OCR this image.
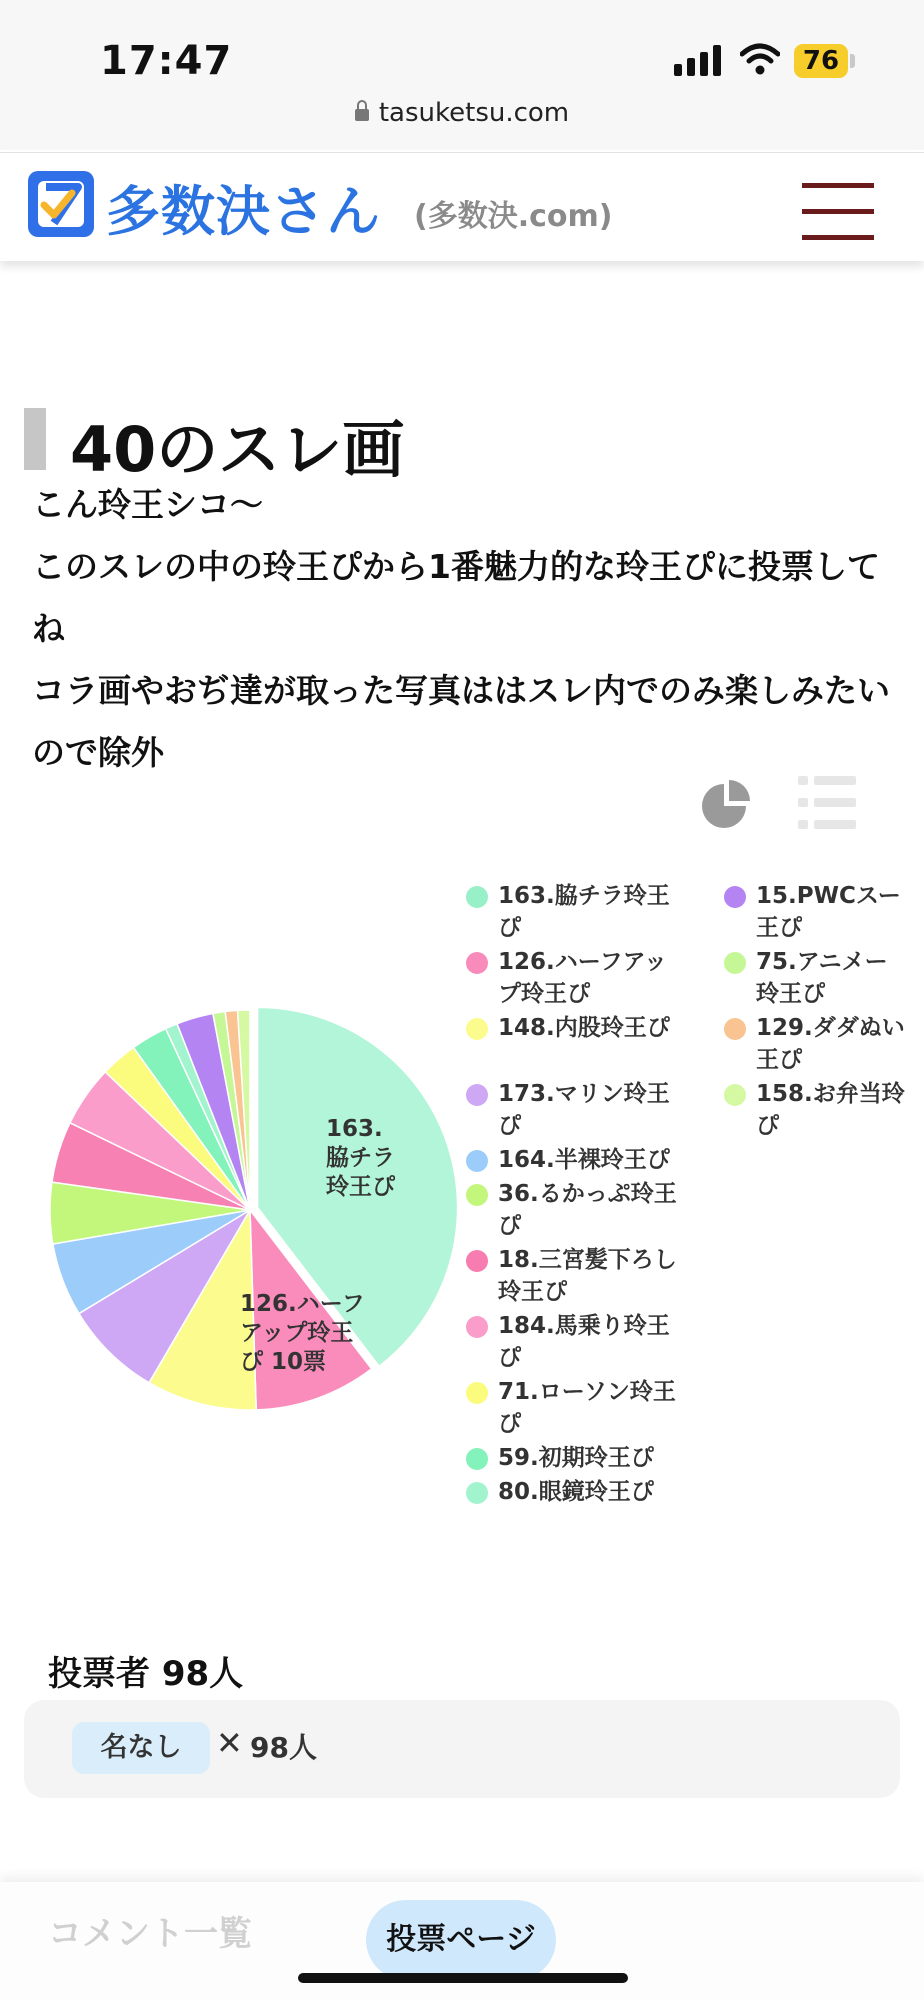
17:47	76
tasuketsu.com
多数決さん (多数決.com)
40のスレ画
こん玲王シコ〜
このスレの中の玲王ぴから1番魅力的な玲王ぴに投票してね
コラ画やおぢ達が取った写真ははスレ内でのみ楽しみたいので除外
163.
脇チラ
玲王ぴ
126.ハーフ
アップ玲王
ぴ 10票
163.脇チラ玲王
ぴ
126.ハーフアッ
プ玲王ぴ
148.内股玲王ぴ
173.マリン玲王
ぴ
164.半裸玲王ぴ
36.るかっぷ玲王
ぴ
18.三宮髪下ろし
玲王ぴ
184.馬乗り玲王
ぴ
71.ローソン玲王
ぴ
59.初期玲王ぴ
80.眼鏡玲王ぴ
15.PWCスー
王ぴ
75.アニメー
玲王ぴ
129.ダダぬい
王ぴ
158.お弁当玲
ぴ
投票者 98人
名なし	✕ 98人
コメント一覧	投票ページ
